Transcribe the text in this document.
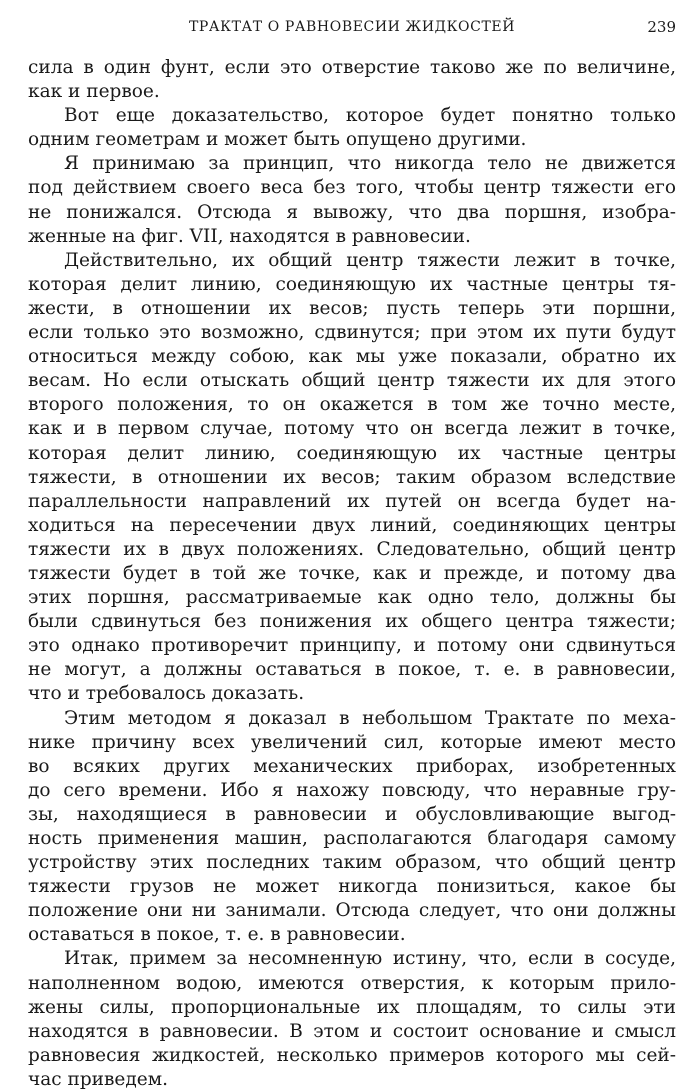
ТРАКТАТ О РАВНОВЕСИИ ЖИДКОСТЕЙ	239

сила в один фунт, если это отверстие таково же по величине,
как и первое.

Вот еще доказательство, которое будет понятно только
одним геометрам и может быть опущено другими.

Я принимаю за принцип, что никогда тело не движется
под действием своего веса без того, чтобы центр тяжести его
не понижался. Отсюда я вывожу, что два поршня, изобра-
женные на фиг. VII, находятся в равновесии.

Действительно, их общий центр тяжести лежит в точке,
которая делит линию, соединяющую их частные центры тя-
жести, в отношении их весов; пусть теперь эти поршни,
если только это возможно, сдвинутся; при этом их пути будут
относиться между собою, как мы уже показали, обратно их
весам. Но если отыскать общий центр тяжести их для этого
второго положения, то он окажется в том же точно месте,
как и в первом случае, потому что он всегда лежит в точке,
которая делит линию, соединяющую их частные центры
тяжести, в отношении их весов; таким образом вследствие
параллельности направлений их путей он всегда будет на-
ходиться на пересечении двух линий, соединяющих центры
тяжести их в двух положениях. Следовательно, общий центр
тяжести будет в той же точке, как и прежде, и потому два
этих поршня, рассматриваемые как одно тело, должны бы
были сдвинуться без понижения их общего центра тяжести;
это однако противоречит принципу, и потому они сдвинуться
не могут, а должны оставаться в покое, т. е. в равновесии,
что и требовалось доказать.

Этим методом я доказал в небольшом Трактате по меха-
нике причину всех увеличений сил, которые имеют место
во всяких других механических приборах, изобретенных
до сего времени. Ибо я нахожу повсюду, что неравные гру-
зы, находящиеся в равновесии и обусловливающие выгод-
ность применения машин, располагаются благодаря самому
устройству этих последних таким образом, что общий центр
тяжести грузов не может никогда понизиться, какое бы
положение они ни занимали. Отсюда следует, что они должны
оставаться в покое, т. е. в равновесии.

Итак, примем за несомненную истину, что, если в сосуде,
наполненном водою, имеются отверстия, к которым прило-
жены силы, пропорциональные их площадям, то силы эти
находятся в равновесии. В этом и состоит основание и смысл
равновесия жидкостей, несколько примеров которого мы сей-
час приведем.
